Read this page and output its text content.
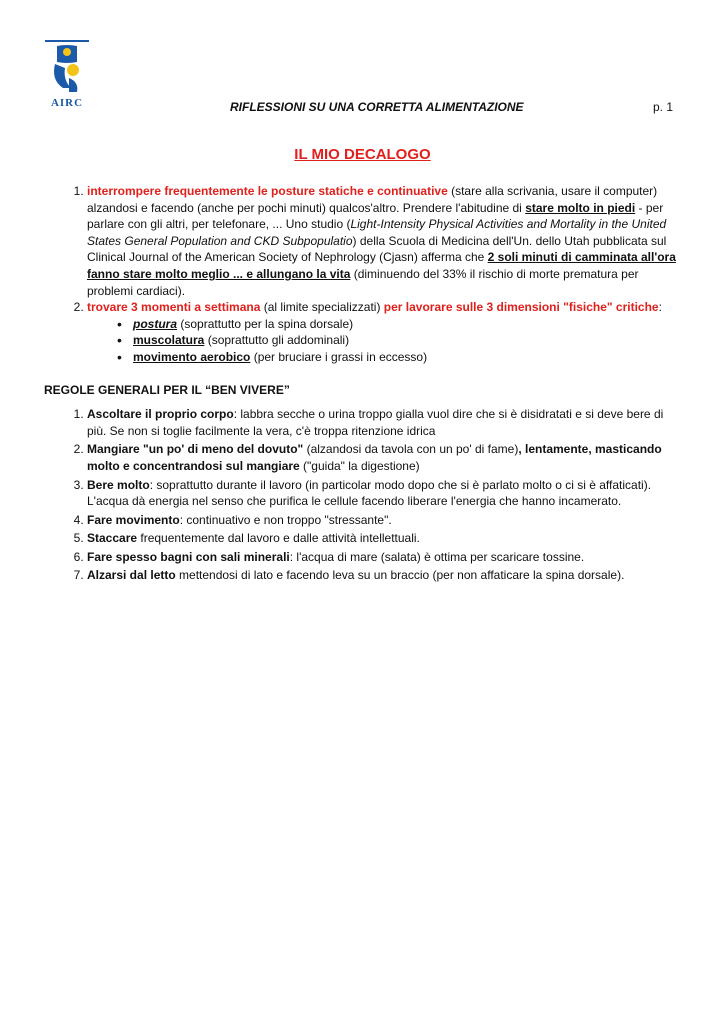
AIRC	RIFLESSIONI SU UNA CORRETTA ALIMENTAZIONE	p. 1
IL MIO DECALOGO
1. interrompere frequentemente le posture statiche e continuative (stare alla scrivania, usare il computer) alzandosi e facendo (anche per pochi minuti) qualcos'altro. Prendere l'abitudine di stare molto in piedi - per parlare con gli altri, per telefonare, ... Uno studio (Light-Intensity Physical Activities and Mortality in the United States General Population and CKD Subpopulatio) della Scuola di Medicina dell'Un. dello Utah pubblicata sul Clinical Journal of the American Society of Nephrology (Cjasn) afferma che 2 soli minuti di camminata all'ora fanno stare molto meglio ... e allungano la vita (diminuendo del 33% il rischio di morte prematura per problemi cardiaci).
2. trovare 3 momenti a settimana (al limite specializzati) per lavorare sulle 3 dimensioni "fisiche" critiche:
• postura (soprattutto per la spina dorsale)
• muscolatura (soprattutto gli addominali)
• movimento aerobico (per bruciare i grassi in eccesso)
REGOLE GENERALI PER IL “BEN VIVERE”
1. Ascoltare il proprio corpo: labbra secche o urina troppo gialla vuol dire che si è disidratati e si deve bere di più. Se non si toglie facilmente la vera, c'è troppa ritenzione idrica
2. Mangiare "un po' di meno del dovuto" (alzandosi da tavola con un po' di fame), lentamente, masticando molto e concentrandosi sul mangiare ("guida" la digestione)
3. Bere molto: soprattutto durante il lavoro (in particolar modo dopo che si è parlato molto o ci si è affaticati). L'acqua dà energia nel senso che purifica le cellule facendo liberare l'energia che hanno incamerato.
4. Fare movimento: continuativo e non troppo "stressante".
5. Staccare frequentemente dal lavoro e dalle attività intellettuali.
6. Fare spesso bagni con sali minerali: l'acqua di mare (salata) è ottima per scaricare tossine.
7. Alzarsi dal letto mettendosi di lato e facendo leva su un braccio (per non affaticare la spina dorsale).
